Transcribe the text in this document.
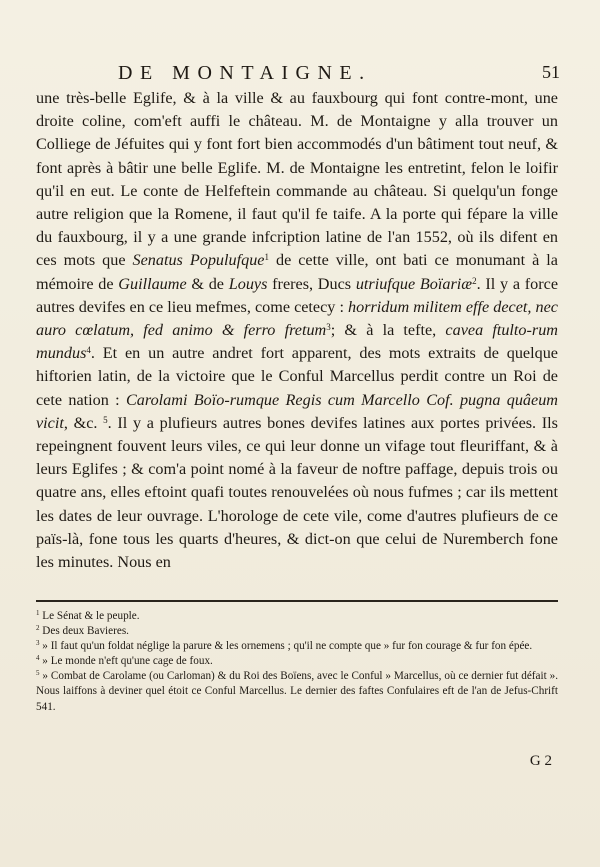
DE MONTAIGNE.	51

une très-belle Eglife, & à la ville & au fauxbourg qui font contre-mont, une droite coline, com'eft auffi le château. M. de Montaigne y alla trouver un Colliege de Jéfuites qui y font fort bien accommodés d'un bâtiment tout neuf, & font après à bâtir une belle Eglife. M. de Montaigne les entretint, felon le loifir qu'il en eut. Le conte de Helfeftein commande au château. Si quelqu'un fonge autre religion que la Romene, il faut qu'il fe taife. A la porte qui fépare la ville du fauxbourg, il y a une grande infcription latine de l'an 1552, où ils difent en ces mots que Senatus Populufque$^1$ de cette ville, ont bati ce monumant à la mémoire de Guillaume & de Louys freres, Ducs utriufque Boïariæ$^2$. Il y a force autres devifes en ce lieu mefmes, come cetecy : horridum militem effe decet, nec auro cœlatum, fed animo & ferro fretum$^3$; & à la tefte, cavea ftulto-rum mundus$^4$. Et en un autre andret fort apparent, des mots extraits de quelque hiftorien latin, de la victoire que le Conful Marcellus perdit contre un Roi de cete nation : Carolami Boïo-rumque Regis cum Marcello Cof. pugna quâeum vicit, &c. $^5$. Il y a plufieurs autres bones devifes latines aux portes privées. Ils repeingnent fouvent leurs viles, ce qui leur donne un vifage tout fleuriffant, & à leurs Eglifes ; & com'a point nomé à la faveur de noftre paffage, depuis trois ou quatre ans, elles eftoint quafi toutes renouvelées où nous fufmes ; car ils mettent les dates de leur ouvrage. L'horologe de cete vile, come d'autres plufieurs de ce païs-là, fone tous les quarts d'heures, & dict-on que celui de Nuremberch fone les minutes. Nous en

$^1$ Le Sénat & le peuple.

$^2$ Des deux Bavieres.

$^3$ » Il faut qu'un foldat néglige la parure & les ornemens ; qu'il ne compte que » fur fon courage & fur fon épée.

$^4$ » Le monde n'eft qu'une cage de foux.

$^5$ » Combat de Carolame (ou Carloman) & du Roi des Boïens, avec le Conful » Marcellus, où ce dernier fut défait ». Nous laiffons à deviner quel étoit ce Conful Marcellus. Le dernier des faftes Confulaires eft de l'an de Jefus-Chrift 541.

G 2
